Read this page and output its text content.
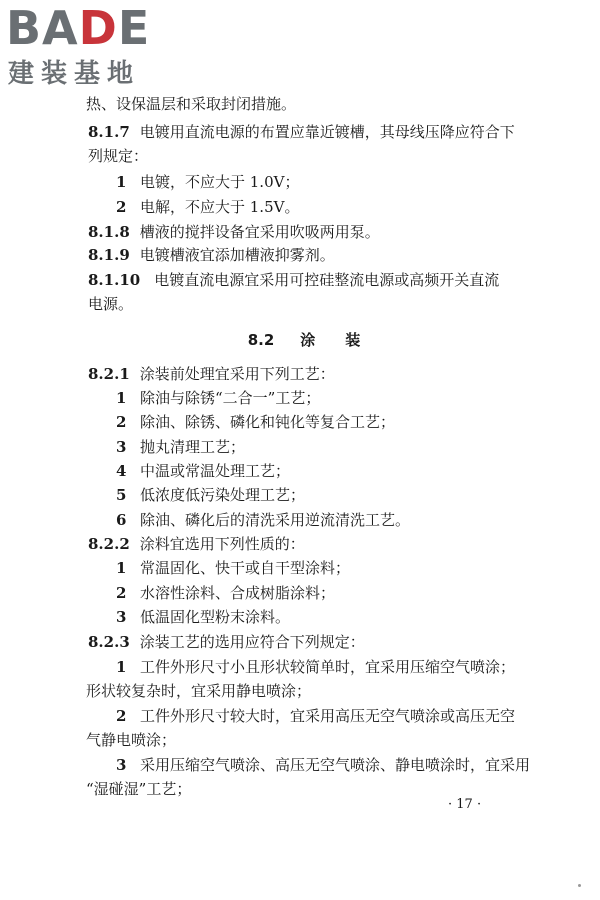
BADE
建装基地
热、设保温层和采取封闭措施。
8.1.7 电镀用直流电源的布置应靠近镀槽，其母线压降应符合下
列规定：
1 电镀，不应大于 1.0V；
2 电解，不应大于 1.5V。
8.1.8 槽液的搅拌设备宜采用吹吸两用泵。
8.1.9 电镀槽液宜添加槽液抑雾剂。
8.1.10 电镀直流电源宜采用可控硅整流电源或高频开关直流
电源。
8.2 涂　　装
8.2.1 涂装前处理宜采用下列工艺：
1 除油与除锈“二合一”工艺；
2 除油、除锈、磷化和钝化等复合工艺；
3 抛丸清理工艺；
4 中温或常温处理工艺；
5 低浓度低污染处理工艺；
6 除油、磷化后的清洗采用逆流清洗工艺。
8.2.2 涂料宜选用下列性质的：
1 常温固化、快干或自干型涂料；
2 水溶性涂料、合成树脂涂料；
3 低温固化型粉末涂料。
8.2.3 涂装工艺的选用应符合下列规定：
1 工件外形尺寸小且形状较简单时，宜采用压缩空气喷涂；
形状较复杂时，宜采用静电喷涂；
2 工件外形尺寸较大时，宜采用高压无空气喷涂或高压无空
气静电喷涂；
3 采用压缩空气喷涂、高压无空气喷涂、静电喷涂时，宜采用
“湿碰湿”工艺；
· 17 ·
